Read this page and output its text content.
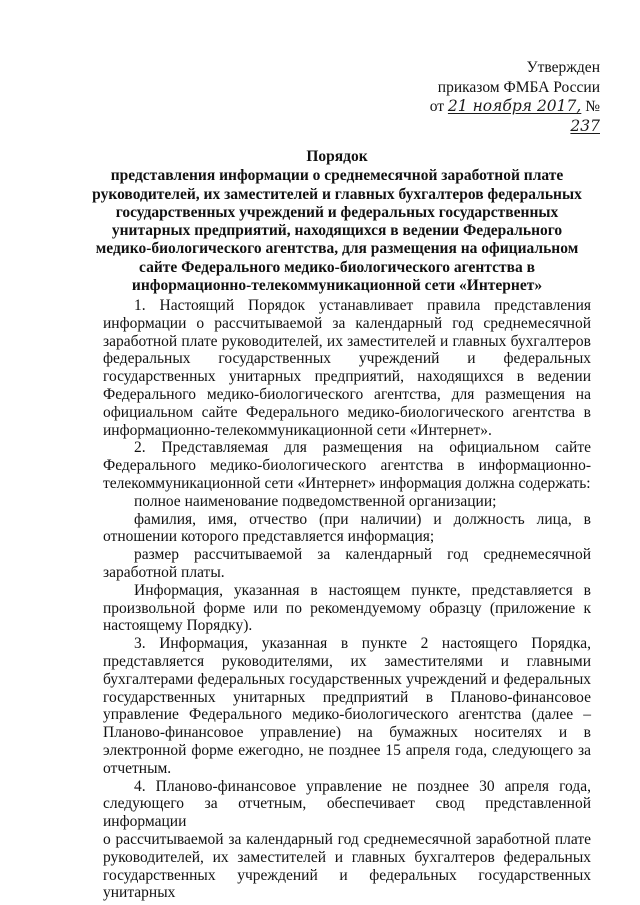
Утвержден
приказом ФМБА России
от 21 ноября 2017, № 237
Порядок
представления информации о среднемесячной заработной плате руководителей, их заместителей и главных бухгалтеров федеральных государственных учреждений и федеральных государственных унитарных предприятий, находящихся в ведении Федерального медико-биологического агентства, для размещения на официальном сайте Федерального медико-биологического агентства в информационно-телекоммуникационной сети «Интернет»

1. Настоящий Порядок устанавливает правила представления информации о рассчитываемой за календарный год среднемесячной заработной плате руководителей, их заместителей и главных бухгалтеров федеральных государственных учреждений и федеральных государственных унитарных предприятий, находящихся в ведении Федерального медико-биологического агентства, для размещения на официальном сайте Федерального медико-биологического агентства в информационно-телекоммуникационной сети «Интернет».

2. Представляемая для размещения на официальном сайте Федерального медико-биологического агентства в информационно-телекоммуникационной сети «Интернет» информация должна содержать:

полное наименование подведомственной организации;

фамилия, имя, отчество (при наличии) и должность лица, в отношении которого представляется информация;

размер рассчитываемой за календарный год среднемесячной заработной платы.

Информация, указанная в настоящем пункте, представляется в произвольной форме или по рекомендуемому образцу (приложение к настоящему Порядку).

3. Информация, указанная в пункте 2 настоящего Порядка, представляется руководителями, их заместителями и главными бухгалтерами федеральных государственных учреждений и федеральных государственных унитарных предприятий в Планово-финансовое управление Федерального медико-биологического агентства (далее – Планово-финансовое управление) на бумажных носителях и в электронной форме ежегодно, не позднее 15 апреля года, следующего за отчетным.

4. Планово-финансовое управление не позднее 30 апреля года, следующего за отчетным, обеспечивает свод представленной информации

о рассчитываемой за календарный год среднемесячной заработной плате руководителей, их заместителей и главных бухгалтеров федеральных государственных учреждений и федеральных государственных унитарных
